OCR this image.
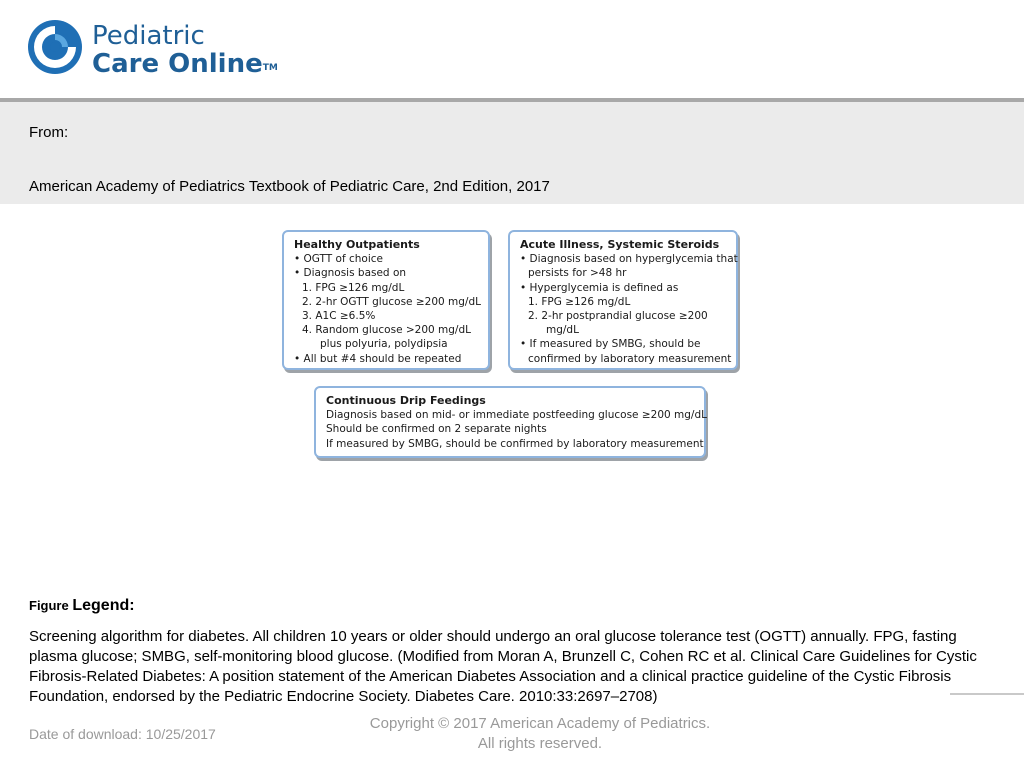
Pediatric
Care Online™
From:
American Academy of Pediatrics Textbook of Pediatric Care, 2nd Edition, 2017
Healthy Outpatients
• OGTT of choice
• Diagnosis based on
1. FPG ≥126 mg/dL
2. 2-hr OGTT glucose ≥200 mg/dL
3. A1C ≥6.5%
4. Random glucose >200 mg/dL
plus polyuria, polydipsia
• All but #4 should be repeated
Acute Illness, Systemic Steroids
• Diagnosis based on hyperglycemia that
persists for >48 hr
• Hyperglycemia is defined as
1. FPG ≥126 mg/dL
2. 2-hr postprandial glucose ≥200
mg/dL
• If measured by SMBG, should be
confirmed by laboratory measurement
Continuous Drip Feedings
Diagnosis based on mid- or immediate postfeeding glucose ≥200 mg/dL
Should be confirmed on 2 separate nights
If measured by SMBG, should be confirmed by laboratory measurement
Figure Legend:
Screening algorithm for diabetes. All children 10 years or older should undergo an oral glucose tolerance test (OGTT) annually. FPG, fasting plasma glucose; SMBG, self-monitoring blood glucose. (Modified from Moran A, Brunzell C, Cohen RC et al. Clinical Care Guidelines for Cystic Fibrosis-Related Diabetes: A position statement of the American Diabetes Association and a clinical practice guideline of the Cystic Fibrosis Foundation, endorsed by the Pediatric Endocrine Society. Diabetes Care. 2010:33:2697–2708)
Date of download: 10/25/2017
Copyright © 2017 American Academy of Pediatrics.
All rights reserved.
